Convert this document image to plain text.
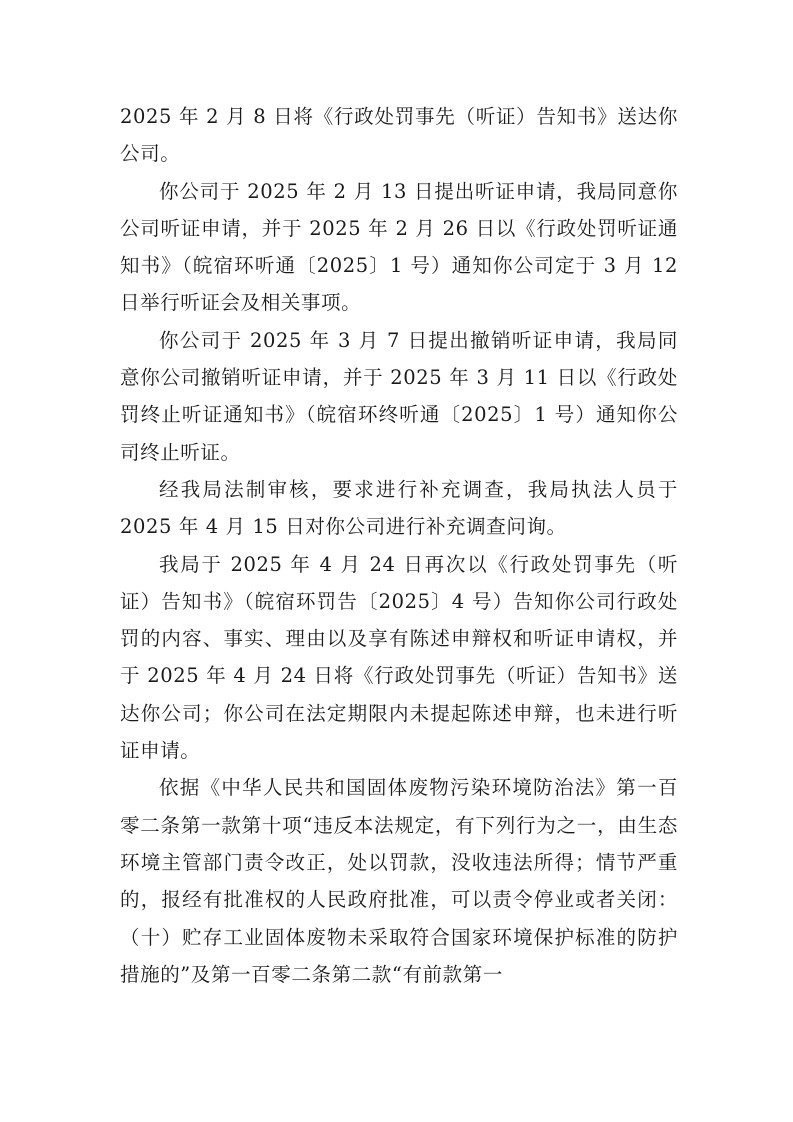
2025 年 2 月 8 日将《行政处罚事先（听证）告知书》送达你公司。

你公司于 2025 年 2 月 13 日提出听证申请，我局同意你公司听证申请，并于 2025 年 2 月 26 日以《行政处罚听证通知书》（皖宿环听通〔2025〕1 号）通知你公司定于 3 月 12 日举行听证会及相关事项。

你公司于 2025 年 3 月 7 日提出撤销听证申请，我局同意你公司撤销听证申请，并于 2025 年 3 月 11 日以《行政处罚终止听证通知书》（皖宿环终听通〔2025〕1 号）通知你公司终止听证。

经我局法制审核，要求进行补充调查，我局执法人员于 2025 年 4 月 15 日对你公司进行补充调查问询。

我局于 2025 年 4 月 24 日再次以《行政处罚事先（听证）告知书》（皖宿环罚告〔2025〕4 号）告知你公司行政处罚的内容、事实、理由以及享有陈述申辩权和听证申请权，并于 2025 年 4 月 24 日将《行政处罚事先（听证）告知书》送达你公司；你公司在法定期限内未提起陈述申辩，也未进行听证申请。

依据《中华人民共和国固体废物污染环境防治法》第一百零二条第一款第十项“违反本法规定，有下列行为之一，由生态环境主管部门责令改正，处以罚款，没收违法所得；情节严重的，报经有批准权的人民政府批准，可以责令停业或者关闭：（十）贮存工业固体废物未采取符合国家环境保护标准的防护措施的”及第一百零二条第二款“有前款第一
